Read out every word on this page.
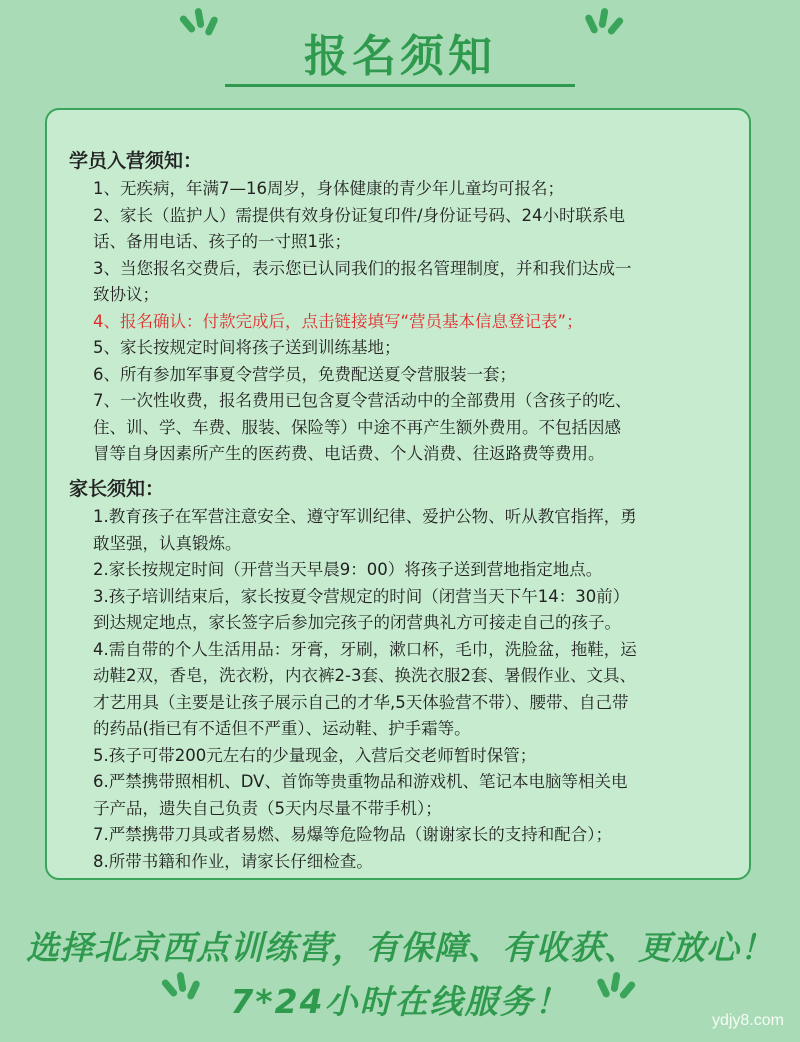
报名须知
学员入营须知：
1、无疾病，年满7—16周岁，身体健康的青少年儿童均可报名；
2、家长（监护人）需提供有效身份证复印件/身份证号码、24小时联系电
话、备用电话、孩子的一寸照1张；
3、当您报名交费后，表示您已认同我们的报名管理制度，并和我们达成一
致协议；
4、报名确认：付款完成后，点击链接填写“营员基本信息登记表”；
5、家长按规定时间将孩子送到训练基地；
6、所有参加军事夏令营学员，免费配送夏令营服装一套；
7、一次性收费，报名费用已包含夏令营活动中的全部费用（含孩子的吃、
住、训、学、车费、服装、保险等）中途不再产生额外费用。不包括因感
冒等自身因素所产生的医药费、电话费、个人消费、往返路费等费用。
家长须知：
1.教育孩子在军营注意安全、遵守军训纪律、爱护公物、听从教官指挥，勇
敢坚强，认真锻炼。
2.家长按规定时间（开营当天早晨9：00）将孩子送到营地指定地点。
3.孩子培训结束后，家长按夏令营规定的时间（闭营当天下午14：30前）
到达规定地点，家长签字后参加完孩子的闭营典礼方可接走自己的孩子。
4.需自带的个人生活用品：牙膏，牙刷，漱口杯，毛巾，洗脸盆，拖鞋，运
动鞋2双，香皂，洗衣粉，内衣裤2-3套、换洗衣服2套、暑假作业、文具、
才艺用具（主要是让孩子展示自己的才华,5天体验营不带）、腰带、自己带
的药品(指已有不适但不严重）、运动鞋、护手霜等。
5.孩子可带200元左右的少量现金，入营后交老师暂时保管；
6.严禁携带照相机、DV、首饰等贵重物品和游戏机、笔记本电脑等相关电
子产品，遗失自己负责（5天内尽量不带手机）；
7.严禁携带刀具或者易燃、易爆等危险物品（谢谢家长的支持和配合）；
8.所带书籍和作业，请家长仔细检查。
选择北京西点训练营，有保障、有收获、更放心！
7*24小时在线服务！	ydjy8.com
